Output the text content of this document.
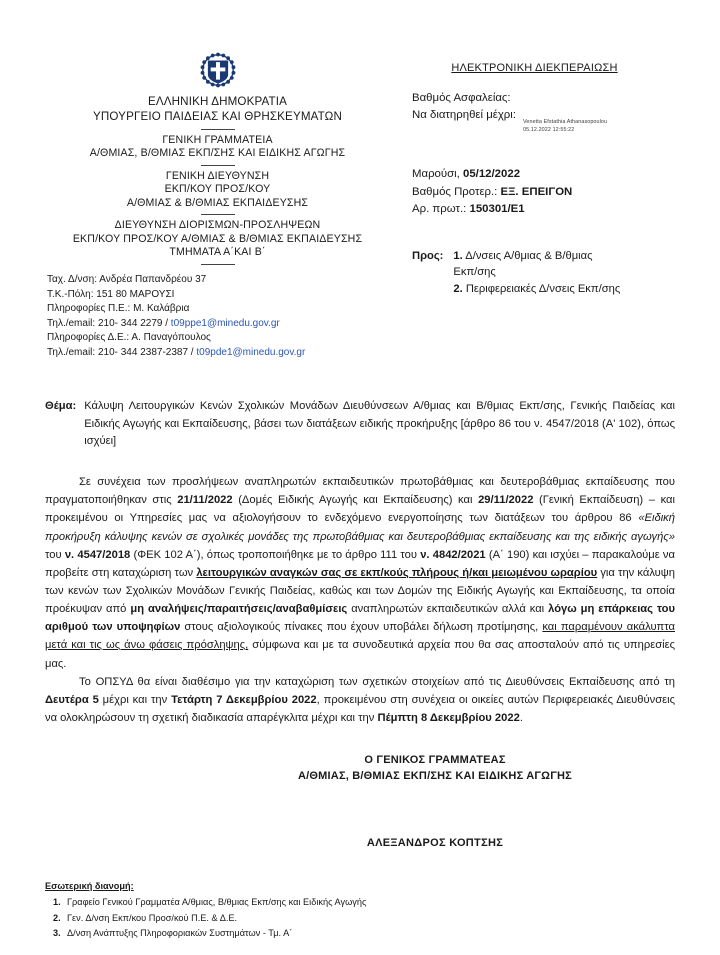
ΕΛΛΗΝΙΚΗ ΔΗΜΟΚΡΑΤΙΑ
ΥΠΟΥΡΓΕΙΟ ΠΑΙΔΕΙΑΣ ΚΑΙ ΘΡΗΣΚΕΥΜΑΤΩΝ
ΓΕΝΙΚΗ ΓΡΑΜΜΑΤΕΙΑ
Α/ΘΜΙΑΣ, Β/ΘΜΙΑΣ ΕΚΠ/ΣΗΣ ΚΑΙ ΕΙΔΙΚΗΣ ΑΓΩΓΗΣ
ΓΕΝΙΚΗ ΔΙΕΥΘΥΝΣΗ
ΕΚΠ/ΚΟΥ ΠΡΟΣ/ΚΟΥ
Α/ΘΜΙΑΣ & Β/ΘΜΙΑΣ ΕΚΠΑΙΔΕΥΣΗΣ
ΔΙΕΥΘΥΝΣΗ ΔΙΟΡΙΣΜΩΝ-ΠΡΟΣΛΗΨΕΩΝ
ΕΚΠ/ΚΟΥ ΠΡΟΣ/ΚΟΥ Α/ΘΜΙΑΣ & Β/ΘΜΙΑΣ ΕΚΠΑΙΔΕΥΣΗΣ
ΤΜΗΜΑΤΑ Α΄ΚΑΙ Β΄
Ταχ. Δ/νση: Ανδρέα Παπανδρέου 37
Τ.Κ.-Πόλη: 151 80 ΜΑΡΟΥΣΙ
Πληροφορίες Π.Ε.: Μ. Καλάβρια
Τηλ./email: 210- 344 2279 / t09ppe1@minedu.gov.gr
Πληροφορίες Δ.Ε.: Α. Παναγόπουλος
Τηλ./email: 210- 344 2387-2387 / t09pde1@minedu.gov.gr
ΗΛΕΚΤΡΟΝΙΚΗ ΔΙΕΚΠΕΡΑΙΩΣΗ
Βαθμός Ασφαλείας:
Να διατηρηθεί μέχρι:
Venetta Efstathia Athanasopoulou
05.12.2022 12:55:22
Μαρούσι, 05/12/2022
Βαθμός Προτερ.: ΕΞ. ΕΠΕΙΓΟΝ
Αρ. πρωτ.: 150301/Ε1
Προς: 1. Δ/νσεις Α/θμιας & Β/θμιας
Εκπ/σης
2. Περιφερειακές Δ/νσεις Εκπ/σης
Θέμα: Κάλυψη Λειτουργικών Κενών Σχολικών Μονάδων Διευθύνσεων Α/θμιας και Β/θμιας Εκπ/σης, Γενικής Παιδείας και Ειδικής Αγωγής και Εκπαίδευσης, βάσει των διατάξεων ειδικής προκήρυξης [άρθρο 86 του ν. 4547/2018 (Α' 102), όπως ισχύει]

Σε συνέχεια των προσλήψεων αναπληρωτών εκπαιδευτικών πρωτοβάθμιας και δευτεροβάθμιας εκπαίδευσης που πραγματοποιήθηκαν στις 21/11/2022 (Δομές Ειδικής Αγωγής και Εκπαίδευσης) και 29/11/2022 (Γενική Εκπαίδευση) – και προκειμένου οι Υπηρεσίες μας να αξιολογήσουν το ενδεχόμενο ενεργοποίησης των διατάξεων του άρθρου 86 «Ειδική προκήρυξη κάλυψης κενών σε σχολικές μονάδες της πρωτοβάθμιας και δευτεροβάθμιας εκπαίδευσης και της ειδικής αγωγής» του ν. 4547/2018 (ΦΕΚ 102 Α΄), όπως τροποποιήθηκε με το άρθρο 111 του ν. 4842/2021 (Α΄ 190) και ισχύει – παρακαλούμε να προβείτε στη καταχώριση των λειτουργικών αναγκών σας σε εκπ/κούς πλήρους ή/και μειωμένου ωραρίου για την κάλυψη των κενών των Σχολικών Μονάδων Γενικής Παιδείας, καθώς και των Δομών της Ειδικής Αγωγής και Εκπαίδευσης, τα οποία προέκυψαν από μη αναλήψεις/παραιτήσεις/αναβαθμίσεις αναπληρωτών εκπαιδευτικών αλλά και λόγω μη επάρκειας του αριθμού των υποψηφίων στους αξιολογικούς πίνακες που έχουν υποβάλει δήλωση προτίμησης, και παραμένουν ακάλυπτα μετά και τις ως άνω φάσεις πρόσληψης, σύμφωνα και με τα συνοδευτικά αρχεία που θα σας αποσταλούν από τις υπηρεσίες μας.

Το ΟΠΣΥΔ θα είναι διαθέσιμο για την καταχώριση των σχετικών στοιχείων από τις Διευθύνσεις Εκπαίδευσης από τη Δευτέρα 5 μέχρι και την Τετάρτη 7 Δεκεμβρίου 2022, προκειμένου στη συνέχεια οι οικείες αυτών Περιφερειακές Διευθύνσεις να ολοκληρώσουν τη σχετική διαδικασία απαρέγκλιτα μέχρι και την Πέμπτη 8 Δεκεμβρίου 2022.

Ο ΓΕΝΙΚΟΣ ΓΡΑΜΜΑΤΕΑΣ
Α/ΘΜΙΑΣ, Β/ΘΜΙΑΣ ΕΚΠ/ΣΗΣ ΚΑΙ ΕΙΔΙΚΗΣ ΑΓΩΓΗΣ
ΑΛΕΞΑΝΔΡΟΣ ΚΟΠΤΣΗΣ
Εσωτερική διανομή:
1. Γραφείο Γενικού Γραμματέα Α/θμιας, Β/θμιας Εκπ/σης και Ειδικής Αγωγής
2. Γεν. Δ/νση Εκπ/κου Προσ/κού Π.Ε. & Δ.Ε.
3. Δ/νση Ανάπτυξης Πληροφοριακών Συστημάτων - Τμ. Α΄
